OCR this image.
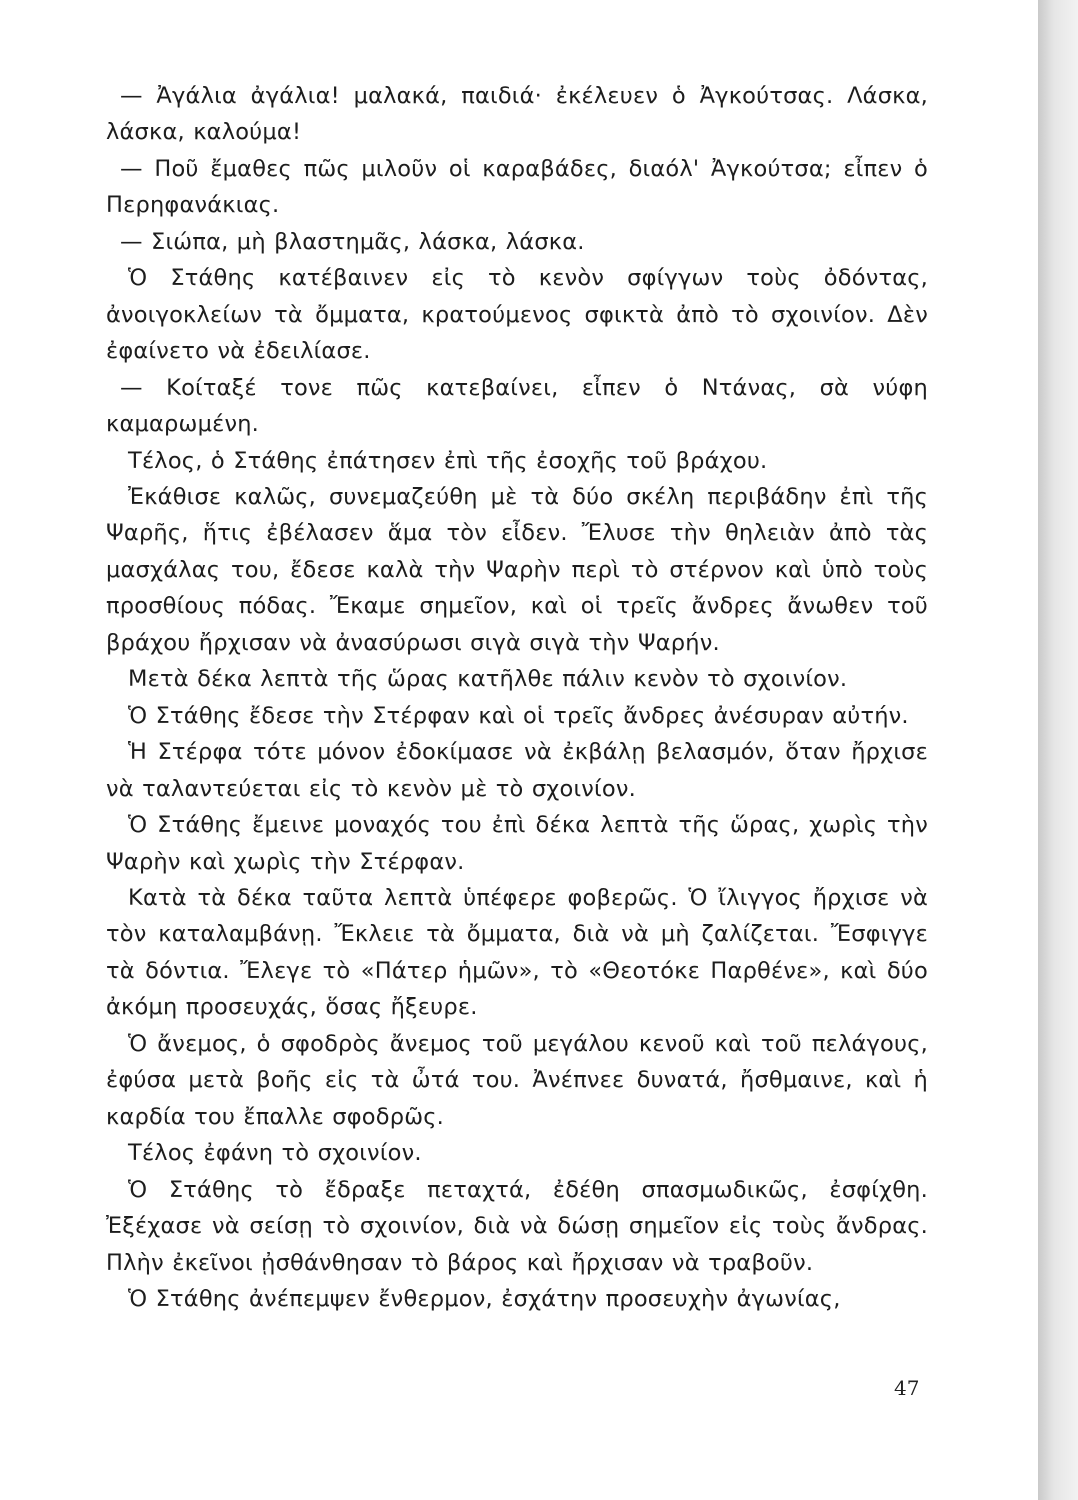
— Ἀγάλια ἀγάλια! μαλακά, παιδιά· ἐκέλευεν ὁ Ἀγκούτσας. Λάσκα, λάσκα, καλούμα!

— Ποῦ ἔμαθες πῶς μιλοῦν οἱ καραβάδες, διαόλ' Ἀγκούτσα; εἶπεν ὁ Περηφανάκιας.

— Σιώπα, μὴ βλαστημᾶς, λάσκα, λάσκα.

Ὁ Στάθης κατέβαινεν εἰς τὸ κενὸν σφίγγων τοὺς ὀδόντας, ἀνοιγοκλείων τὰ ὄμματα, κρατούμενος σφικτὰ ἀπὸ τὸ σχοινίον. Δὲν ἐφαίνετο νὰ ἐδειλίασε.

— Κοίταξέ τονε πῶς κατεβαίνει, εἶπεν ὁ Ντάνας, σὰ νύφη καμαρωμένη.

Τέλος, ὁ Στάθης ἐπάτησεν ἐπὶ τῆς ἐσοχῆς τοῦ βράχου.

Ἐκάθισε καλῶς, συνεμαζεύθη μὲ τὰ δύο σκέλη περιβάδην ἐπὶ τῆς Ψαρῆς, ἥτις ἐβέλασεν ἅμα τὸν εἶδεν. Ἔλυσε τὴν θηλειὰν ἀπὸ τὰς μασχάλας του, ἔδεσε καλὰ τὴν Ψαρὴν περὶ τὸ στέρνον καὶ ὑπὸ τοὺς προσθίους πόδας. Ἔκαμε σημεῖον, καὶ οἱ τρεῖς ἄνδρες ἄνωθεν τοῦ βράχου ἤρχισαν νὰ ἀνασύρωσι σιγὰ σιγὰ τὴν Ψαρήν.

Μετὰ δέκα λεπτὰ τῆς ὥρας κατῆλθε πάλιν κενὸν τὸ σχοινίον.

Ὁ Στάθης ἔδεσε τὴν Στέρφαν καὶ οἱ τρεῖς ἄνδρες ἀνέσυραν αὐτήν.

Ἡ Στέρφα τότε μόνον ἐδοκίμασε νὰ ἐκβάλῃ βελασμόν, ὅταν ἤρχισε νὰ ταλαντεύεται εἰς τὸ κενὸν μὲ τὸ σχοινίον.

Ὁ Στάθης ἔμεινε μοναχός του ἐπὶ δέκα λεπτὰ τῆς ὥρας, χωρὶς τὴν Ψαρὴν καὶ χωρὶς τὴν Στέρφαν.

Κατὰ τὰ δέκα ταῦτα λεπτὰ ὑπέφερε φοβερῶς. Ὁ ἴλιγγος ἤρχισε νὰ τὸν καταλαμβάνῃ. Ἔκλειε τὰ ὄμματα, διὰ νὰ μὴ ζαλίζεται. Ἔσφιγγε τὰ δόντια. Ἔλεγε τὸ «Πάτερ ἡμῶν», τὸ «Θεοτόκε Παρθένε», καὶ δύο ἀκόμη προσευχάς, ὅσας ἤξευρε.

Ὁ ἄνεμος, ὁ σφοδρὸς ἄνεμος τοῦ μεγάλου κενοῦ καὶ τοῦ πελάγους, ἐφύσα μετὰ βοῆς εἰς τὰ ὦτά του. Ἀνέπνεε δυνατά, ἤσθμαινε, καὶ ἡ καρδία του ἔπαλλε σφοδρῶς.

Τέλος ἐφάνη τὸ σχοινίον.

Ὁ Στάθης τὸ ἔδραξε πεταχτά, ἐδέθη σπασμωδικῶς, ἐσφίχθη. Ἐξέχασε νὰ σείσῃ τὸ σχοινίον, διὰ νὰ δώσῃ σημεῖον εἰς τοὺς ἄνδρας. Πλὴν ἐκεῖνοι ᾐσθάνθησαν τὸ βάρος καὶ ἤρχισαν νὰ τραβοῦν.

Ὁ Στάθης ἀνέπεμψεν ἔνθερμον, ἐσχάτην προσευχὴν ἀγωνίας,

47
